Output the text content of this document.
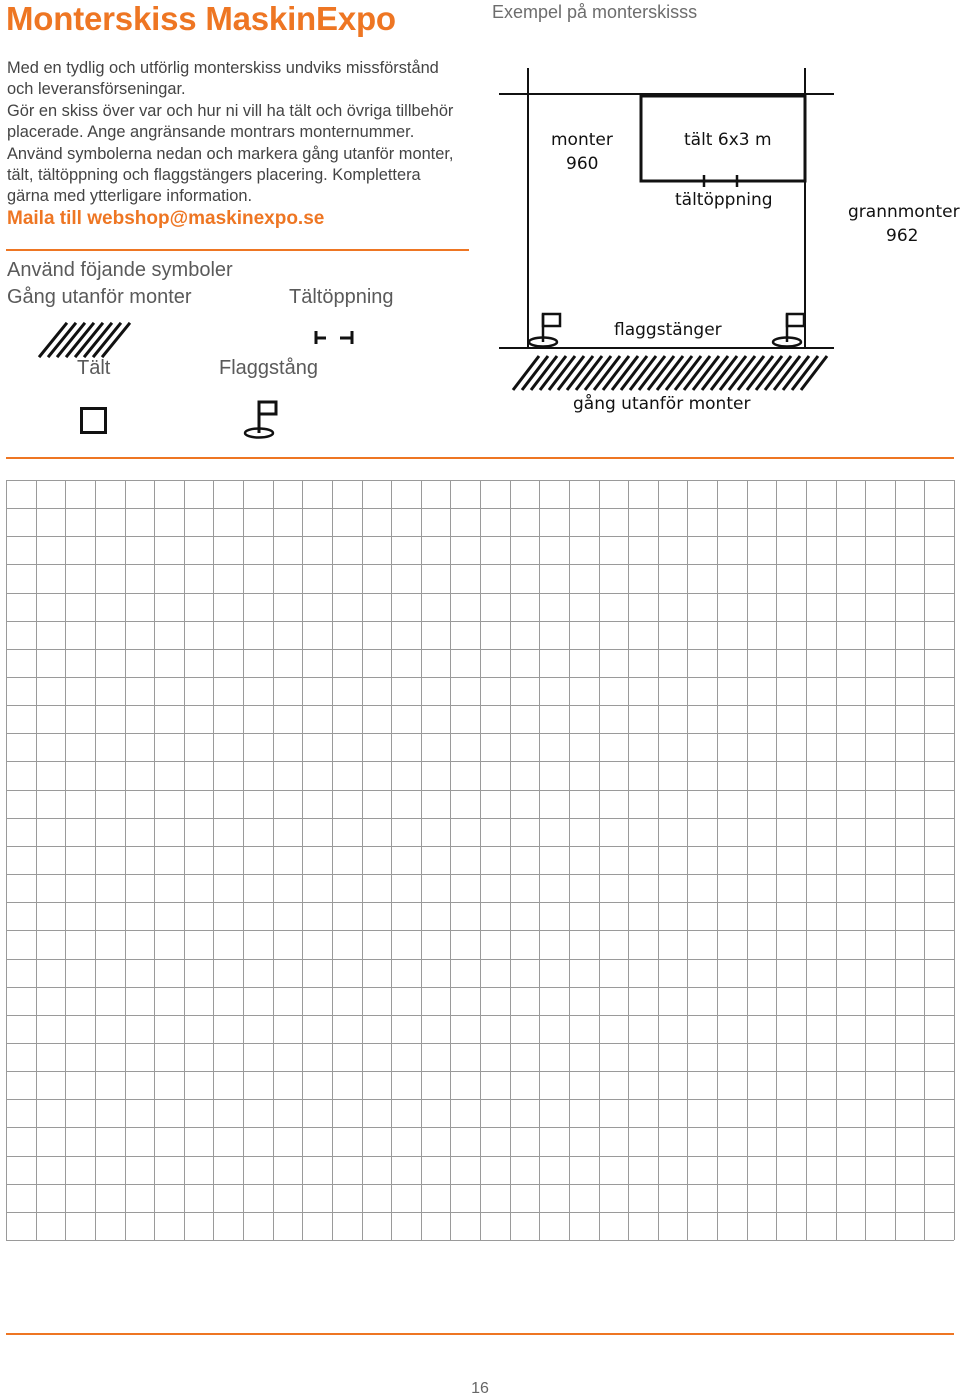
Monterskiss MaskinExpo	Exempel på monterskisss
Med en tydlig och utförlig monterskiss undviks missförstånd
och leveransförseningar.
Gör en skiss över var och hur ni vill ha tält och övriga tillbehör
placerade. Ange angränsande montrars monternummer.
Använd symbolerna nedan och markera gång utanför monter,
tält, tältöppning och flaggstängers placering. Komplettera
gärna med ytterligare information.
Maila till webshop@maskinexpo.se
Använd föjande symboler
Gång utanför monter	Tältöppning
Tält	Flaggstång
monter
960
tält 6x3 m
tältöppning
grannmonter
962
flaggstänger
gång utanför monter
16
